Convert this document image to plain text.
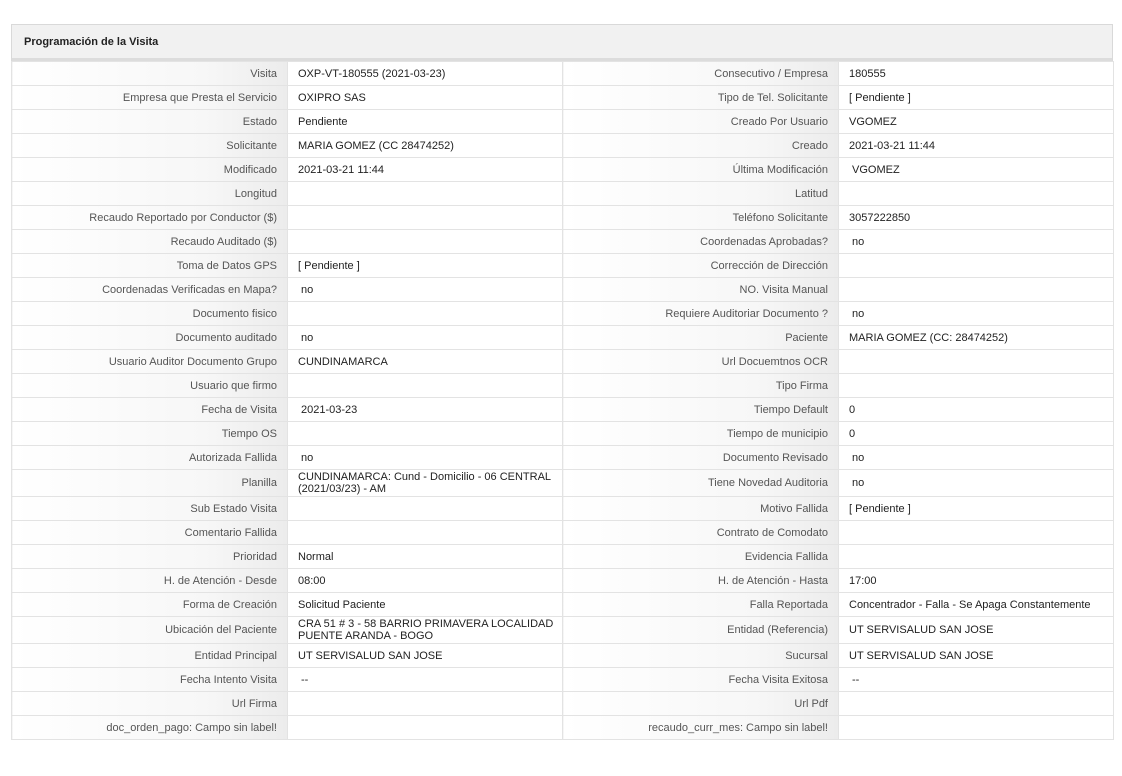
Programación de la Visita
Visita	OXP-VT-180555 (2021-03-23)	Consecutivo / Empresa	180555
Empresa que Presta el Servicio	OXIPRO SAS	Tipo de Tel. Solicitante	[ Pendiente ]
Estado	Pendiente	Creado Por Usuario	VGOMEZ
Solicitante	MARIA GOMEZ (CC 28474252)	Creado	2021-03-21 11:44
Modificado	2021-03-21 11:44	Última Modificación	VGOMEZ
Longitud		Latitud	
Recaudo Reportado por Conductor ($)		Teléfono Solicitante	3057222850
Recaudo Auditado ($)		Coordenadas Aprobadas?	no
Toma de Datos GPS	[ Pendiente ]	Corrección de Dirección	
Coordenadas Verificadas en Mapa?	no	NO. Visita Manual	
Documento fisico		Requiere Auditoriar Documento ?	no
Documento auditado	no	Paciente	MARIA GOMEZ (CC: 28474252)
Usuario Auditor Documento Grupo	CUNDINAMARCA	Url Docuemtnos OCR	
Usuario que firmo		Tipo Firma	
Fecha de Visita	2021-03-23	Tiempo Default	0
Tiempo OS		Tiempo de municipio	0
Autorizada Fallida	no	Documento Revisado	no
Planilla	CUNDINAMARCA: Cund - Domicilio - 06 CENTRAL (2021/03/23) - AM	Tiene Novedad Auditoria	no
Sub Estado Visita		Motivo Fallida	[ Pendiente ]
Comentario Fallida		Contrato de Comodato	
Prioridad	Normal	Evidencia Fallida	
H. de Atención - Desde	08:00	H. de Atención - Hasta	17:00
Forma de Creación	Solicitud Paciente	Falla Reportada	Concentrador - Falla - Se Apaga Constantemente
Ubicación del Paciente	CRA 51 # 3 - 58 BARRIO PRIMAVERA LOCALIDAD PUENTE ARANDA - BOGO	Entidad (Referencia)	UT SERVISALUD SAN JOSE
Entidad Principal	UT SERVISALUD SAN JOSE	Sucursal	UT SERVISALUD SAN JOSE
Fecha Intento Visita	--	Fecha Visita Exitosa	--
Url Firma		Url Pdf	
doc_orden_pago: Campo sin label!		recaudo_curr_mes: Campo sin label!	
